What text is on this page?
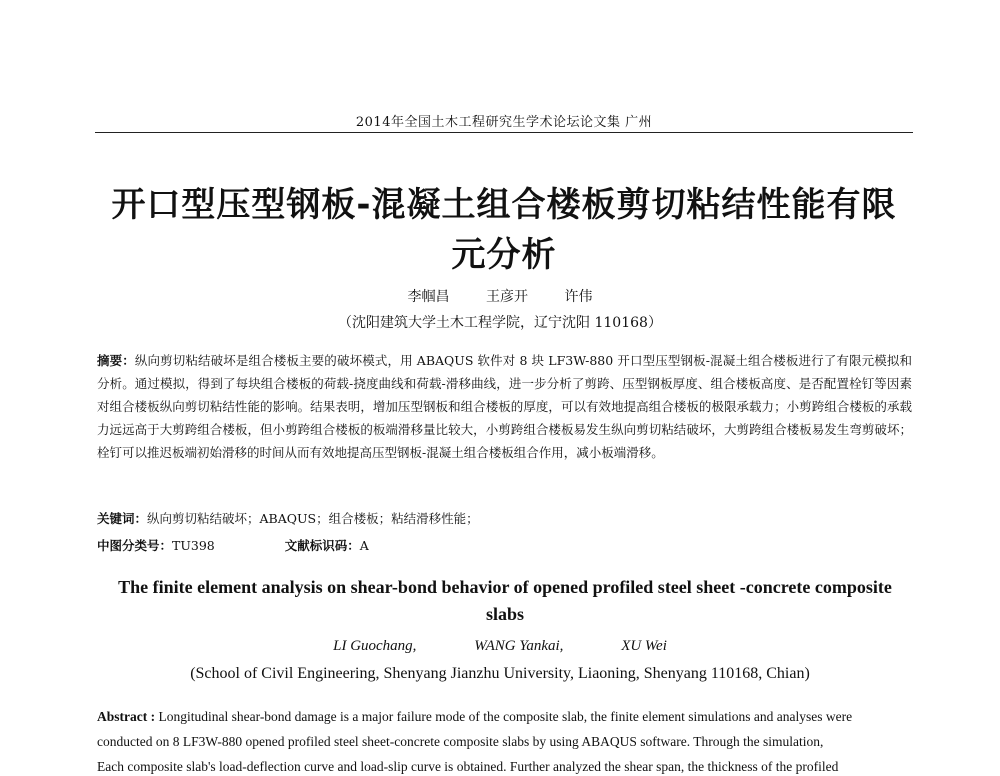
2014年全国土木工程研究生学术论坛论文集 广州
开口型压型钢板-混凝土组合楼板剪切粘结性能有限
元分析
李帼昌	王彦开	许伟
（沈阳建筑大学土木工程学院，辽宁沈阳 110168）
摘要：纵向剪切粘结破坏是组合楼板主要的破坏模式，用 ABAQUS 软件对 8 块 LF3W-880 开口型压型钢板-混凝土组合楼板进行了有限元模拟和分析。通过模拟，得到了每块组合楼板的荷载-挠度曲线和荷载-滑移曲线，进一步分析了剪跨、压型钢板厚度、组合楼板高度、是否配置栓钉等因素对组合楼板纵向剪切粘结性能的影响。结果表明，增加压型钢板和组合楼板的厚度，可以有效地提高组合楼板的极限承载力；小剪跨组合楼板的承载力远远高于大剪跨组合楼板，但小剪跨组合楼板的板端滑移量比较大，小剪跨组合楼板易发生纵向剪切粘结破坏，大剪跨组合楼板易发生弯剪破坏；栓钉可以推迟板端初始滑移的时间从而有效地提高压型钢板-混凝土组合楼板组合作用，减小板端滑移。
关键词：纵向剪切粘结破坏；ABAQUS；组合楼板；粘结滑移性能；
中图分类号：TU398	文献标识码：A
The finite element analysis on shear-bond behavior of opened profiled steel sheet -concrete composite slabs
LI Guochang,	WANG Yankai,	XU Wei
(School of Civil Engineering, Shenyang Jianzhu University, Liaoning, Shenyang 110168, Chian)
Abstract : Longitudinal shear-bond damage is a major failure mode of the composite slab, the finite element simulations and analyses were
conducted on 8 LF3W-880 opened profiled steel sheet-concrete composite slabs by using ABAQUS software. Through the simulation,
Each composite slab's load-deflection curve and load-slip curve is obtained. Further analyzed the shear span, the thickness of the profiled
